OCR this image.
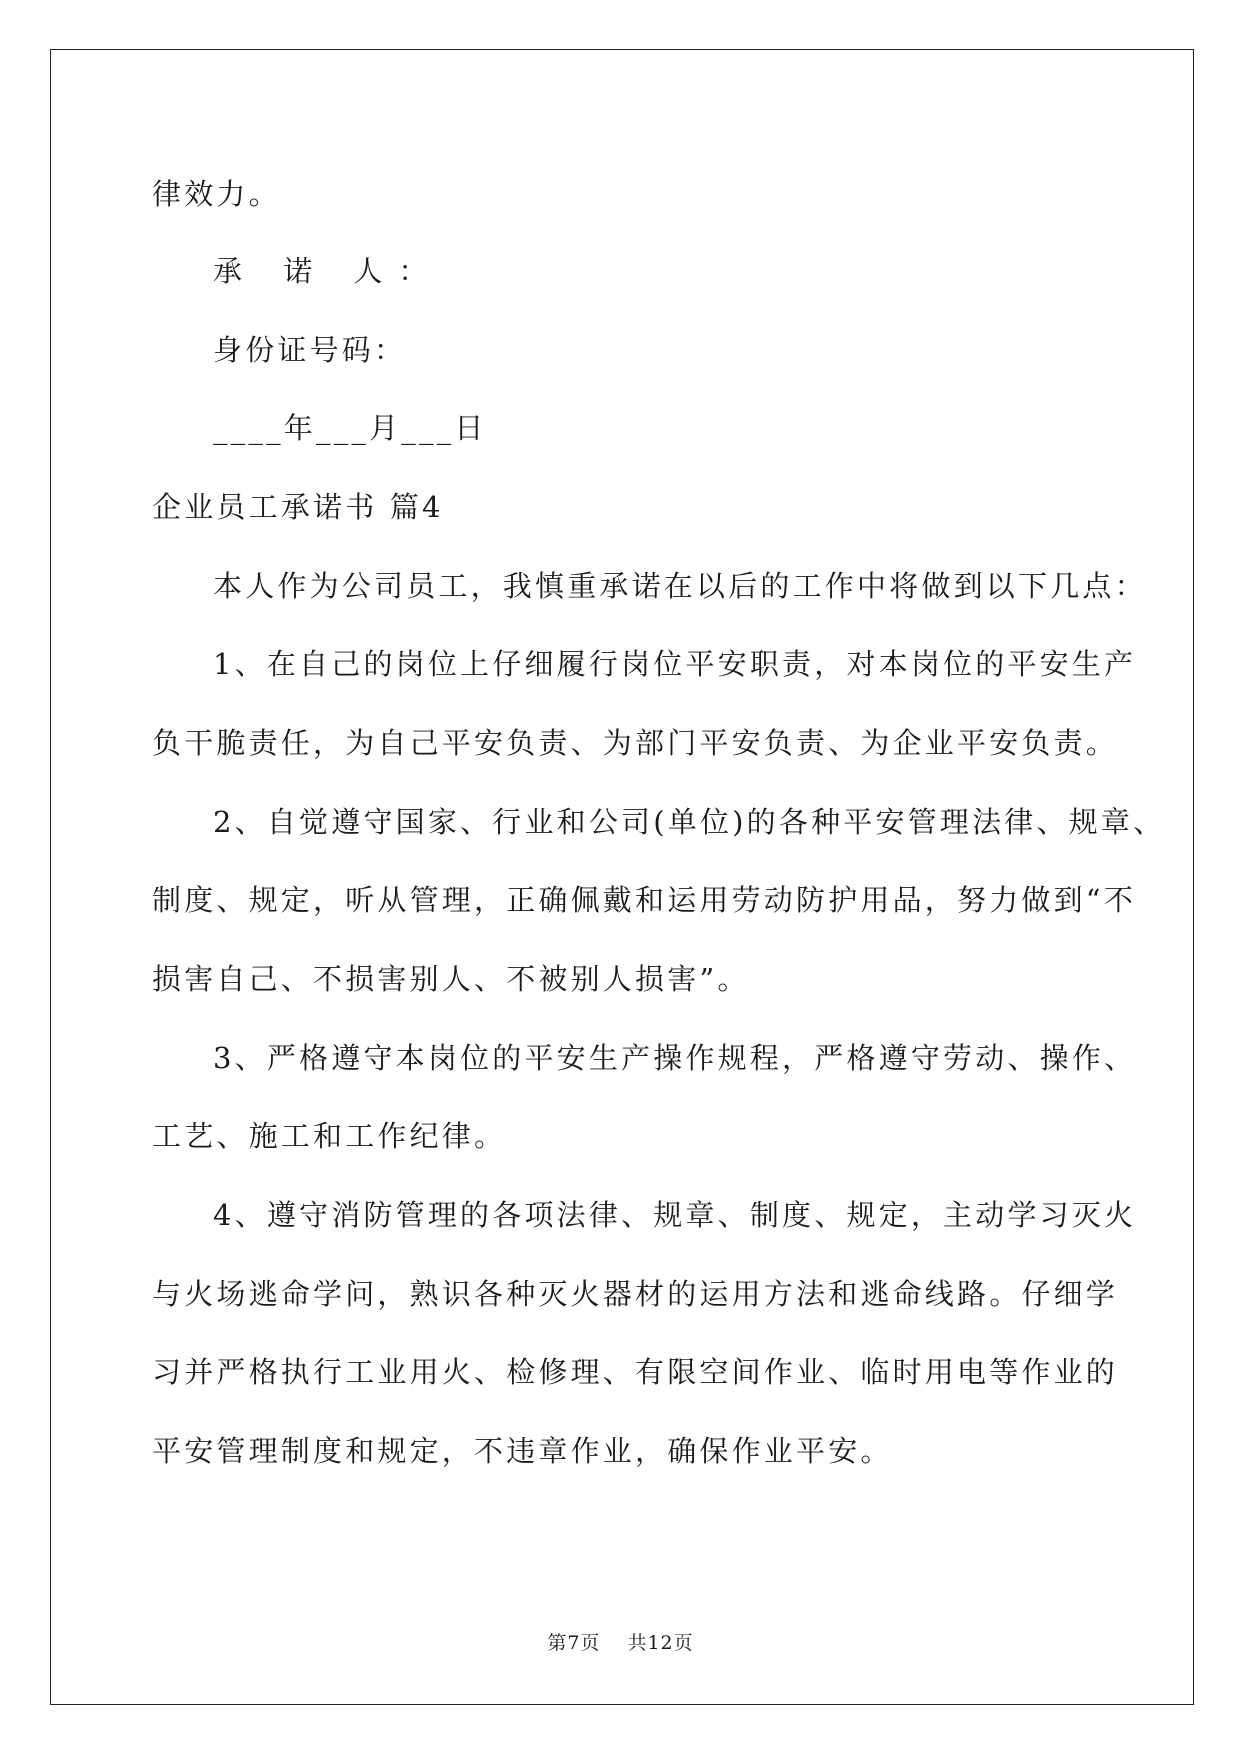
律效力。
承 诺 人：
身份证号码：
____年___月___日
企业员工承诺书 篇4
本人作为公司员工，我慎重承诺在以后的工作中将做到以下几点：
1、在自己的岗位上仔细履行岗位平安职责，对本岗位的平安生产
负干脆责任，为自己平安负责、为部门平安负责、为企业平安负责。
2、自觉遵守国家、行业和公司(单位)的各种平安管理法律、规章、
制度、规定，听从管理，正确佩戴和运用劳动防护用品，努力做到“不
损害自己、不损害别人、不被别人损害”。
3、严格遵守本岗位的平安生产操作规程，严格遵守劳动、操作、
工艺、施工和工作纪律。
4、遵守消防管理的各项法律、规章、制度、规定，主动学习灭火
与火场逃命学问，熟识各种灭火器材的运用方法和逃命线路。仔细学
习并严格执行工业用火、检修理、有限空间作业、临时用电等作业的
平安管理制度和规定，不违章作业，确保作业平安。
第7页 共12页
